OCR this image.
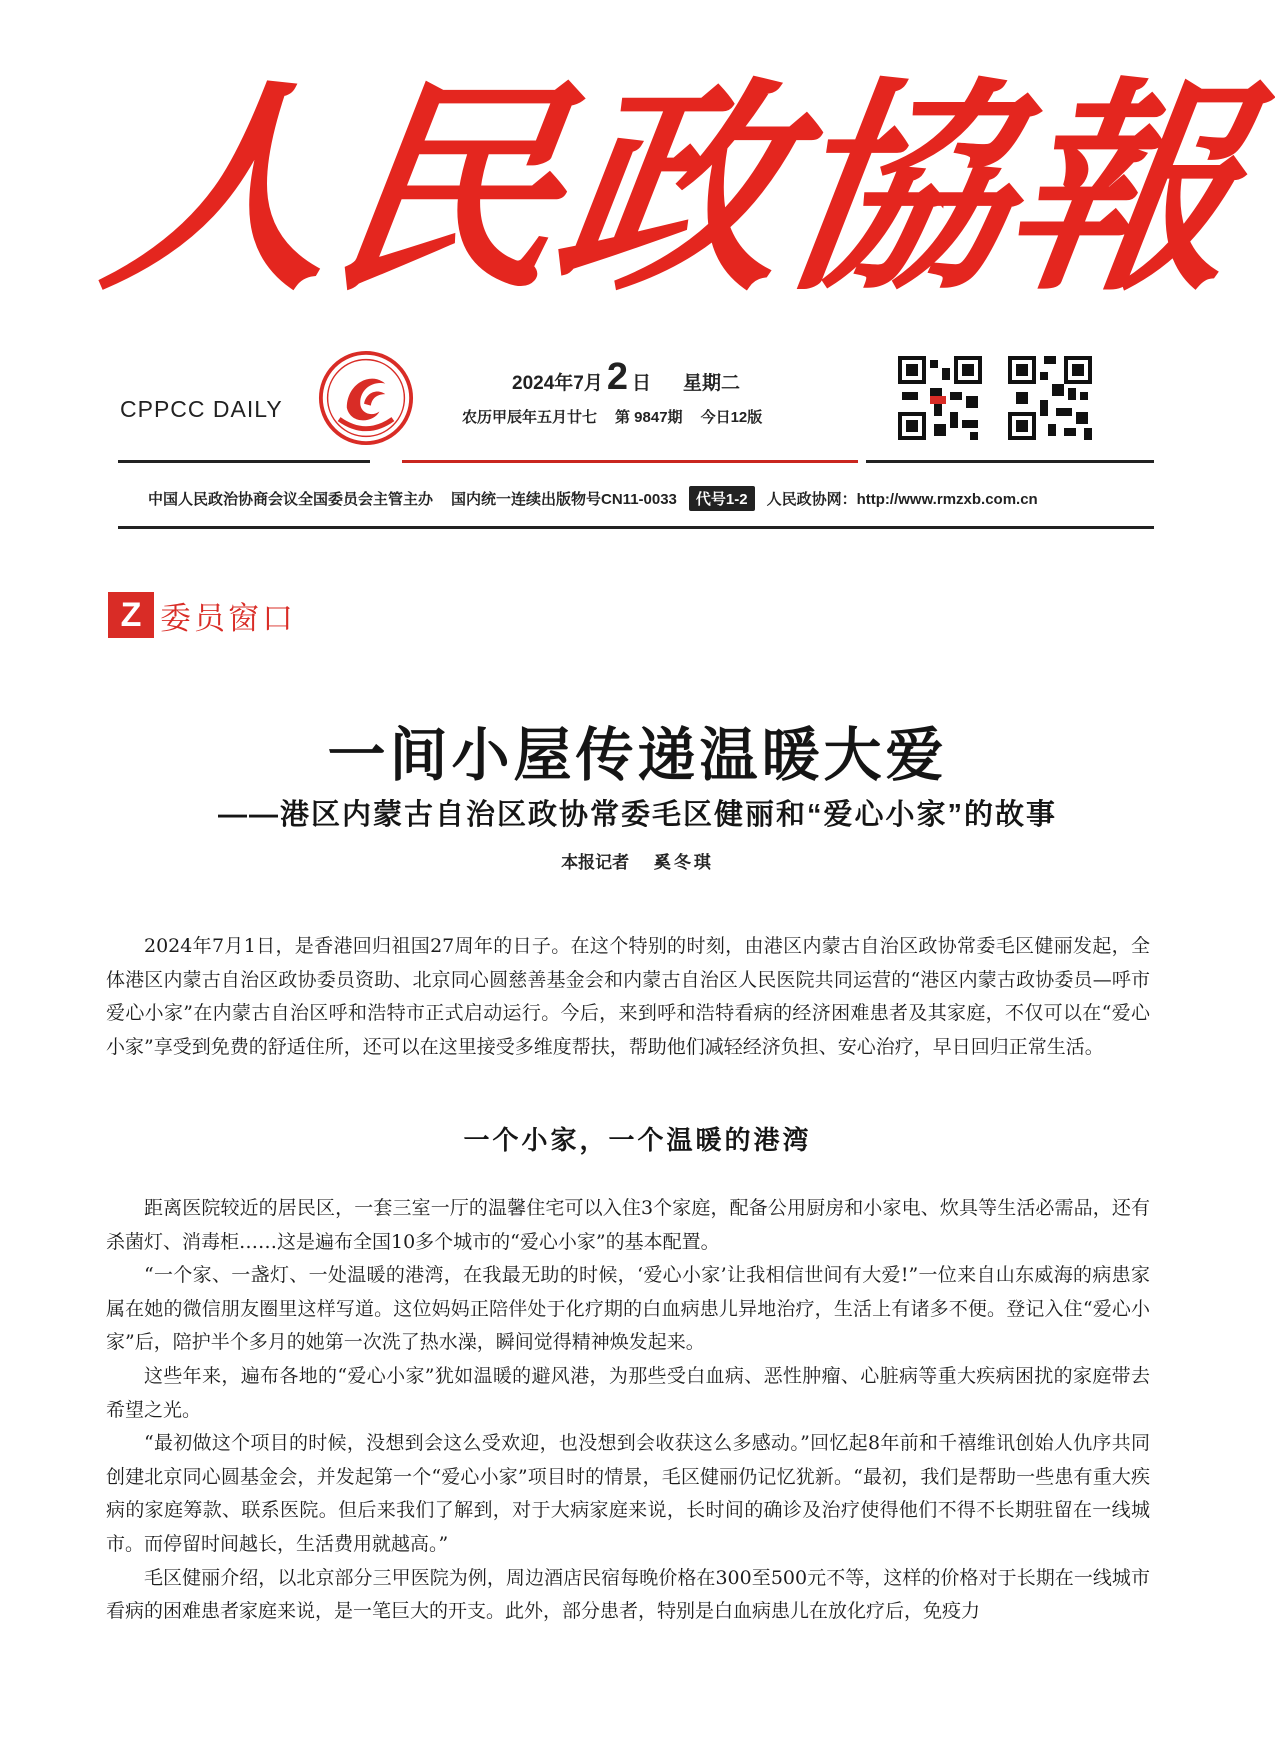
人
民
政
協
報
CPPCC DAILY
2024年7月 2 日 星期二
农历甲辰年五月廿七 第 9847期 今日12版
中国人民政治协商会议全国委员会主管主办 国内统一连续出版物号CN11-0033	代号1-2	人民政协网：http://www.rmzxb.com.cn
Z 委员窗口
一间小屋传递温暖大爱
——港区内蒙古自治区政协常委毛区健丽和“爱心小家”的故事
本报记者 奚冬琪

2024年7月1日，是香港回归祖国27周年的日子。在这个特别的时刻，由港区内蒙古自治区政协常委毛区健丽发起，全体港区内蒙古自治区政协委员资助、北京同心圆慈善基金会和内蒙古自治区人民医院共同运营的“港区内蒙古政协委员—呼市爱心小家”在内蒙古自治区呼和浩特市正式启动运行。今后，来到呼和浩特看病的经济困难患者及其家庭，不仅可以在“爱心小家”享受到免费的舒适住所，还可以在这里接受多维度帮扶，帮助他们减轻经济负担、安心治疗，早日回归正常生活。

一个小家，一个温暖的港湾

距离医院较近的居民区，一套三室一厅的温馨住宅可以入住3个家庭，配备公用厨房和小家电、炊具等生活必需品，还有杀菌灯、消毒柜……这是遍布全国10多个城市的“爱心小家”的基本配置。

“一个家、一盏灯、一处温暖的港湾，在我最无助的时候，‘爱心小家’让我相信世间有大爱!”一位来自山东威海的病患家属在她的微信朋友圈里这样写道。这位妈妈正陪伴处于化疗期的白血病患儿异地治疗，生活上有诸多不便。登记入住“爱心小家”后，陪护半个多月的她第一次洗了热水澡，瞬间觉得精神焕发起来。

这些年来，遍布各地的“爱心小家”犹如温暖的避风港，为那些受白血病、恶性肿瘤、心脏病等重大疾病困扰的家庭带去希望之光。

“最初做这个项目的时候，没想到会这么受欢迎，也没想到会收获这么多感动。”回忆起8年前和千禧维讯创始人仇序共同创建北京同心圆基金会，并发起第一个“爱心小家”项目时的情景，毛区健丽仍记忆犹新。“最初，我们是帮助一些患有重大疾病的家庭筹款、联系医院。但后来我们了解到，对于大病家庭来说，长时间的确诊及治疗使得他们不得不长期驻留在一线城市。而停留时间越长，生活费用就越高。”

毛区健丽介绍，以北京部分三甲医院为例，周边酒店民宿每晚价格在300至500元不等，这样的价格对于长期在一线城市看病的困难患者家庭来说，是一笔巨大的开支。此外，部分患者，特别是白血病患儿在放化疗后，免疫力
